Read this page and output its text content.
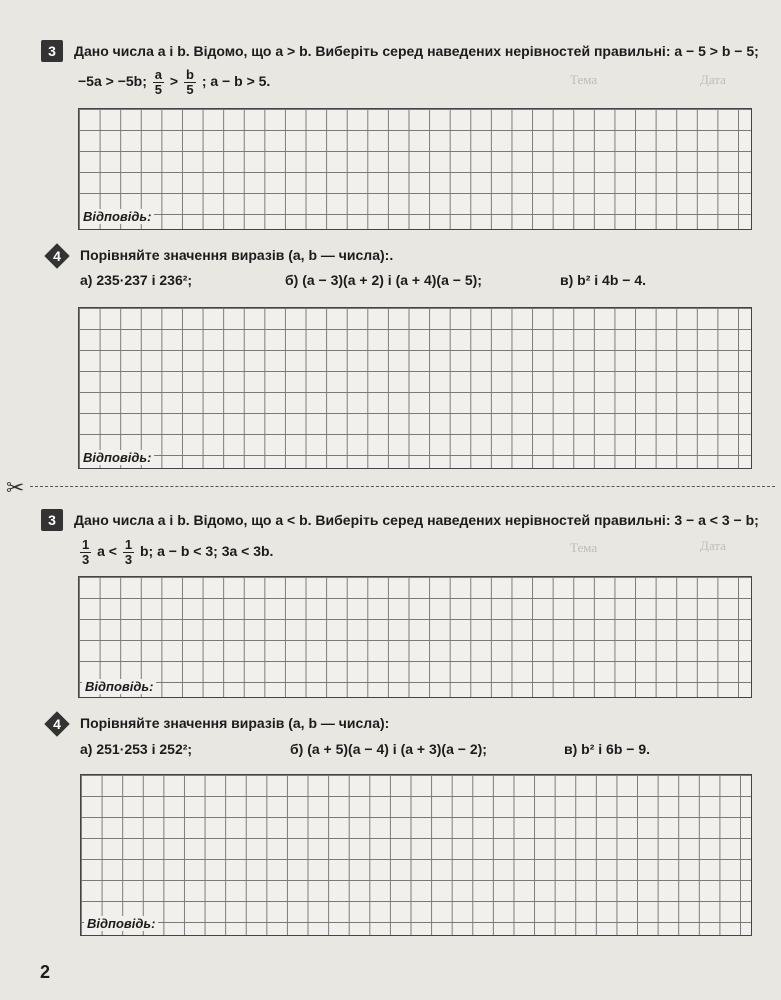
Дата
Тема
Дата
Тема
3	Дано числа a і b. Відомо, що a > b. Виберіть серед наведених нерівностей правильні: a − 5 > b − 5;
−5a > −5b; $\frac{a}{5} > \frac{b}{5}$ ; a − b > 5.
Відповідь:
4	Порівняйте значення виразів (a, b — числа):.
а) 235·237 і 236²;	б) (a − 3)(a + 2) і (a + 4)(a − 5);	в) b² і 4b − 4.
Відповідь:
✂
3	Дано числа a і b. Відомо, що a < b. Виберіть серед наведених нерівностей правильні: 3 − a < 3 − b;
$\frac{1}{3}$ $a < \frac{1}{3} b$; a − b < 3; 3a < 3b.
Відповідь:
4	Порівняйте значення виразів (a, b — числа):
а) 251·253 і 252²;	б) (a + 5)(a − 4) і (a + 3)(a − 2);	в) b² і 6b − 9.
Відповідь:
2
